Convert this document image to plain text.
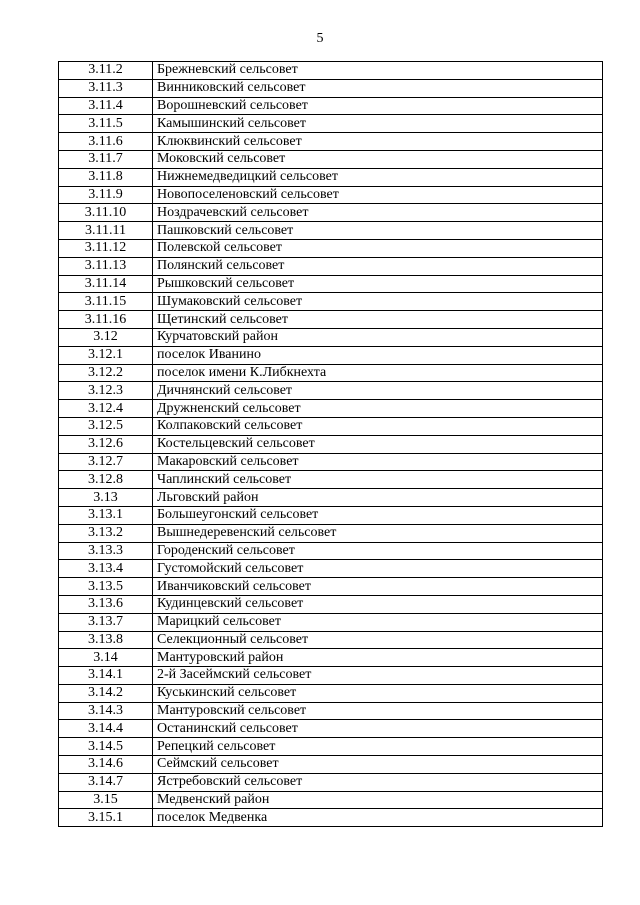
5
3.11.2	Брежневский сельсовет
3.11.3	Винниковский сельсовет
3.11.4	Ворошневский сельсовет
3.11.5	Камышинский сельсовет
3.11.6	Клюквинский сельсовет
3.11.7	Моковский сельсовет
3.11.8	Нижнемедведицкий сельсовет
3.11.9	Новопоселеновский сельсовет
3.11.10	Ноздрачевский сельсовет
3.11.11	Пашковский сельсовет
3.11.12	Полевской сельсовет
3.11.13	Полянский сельсовет
3.11.14	Рышковский сельсовет
3.11.15	Шумаковский сельсовет
3.11.16	Щетинский сельсовет
3.12	Курчатовский район
3.12.1	поселок Иванино
3.12.2	поселок имени К.Либкнехта
3.12.3	Дичнянский сельсовет
3.12.4	Дружненский сельсовет
3.12.5	Колпаковский сельсовет
3.12.6	Костельцевский сельсовет
3.12.7	Макаровский сельсовет
3.12.8	Чаплинский сельсовет
3.13	Льговский район
3.13.1	Большеугонский сельсовет
3.13.2	Вышнедеревенский сельсовет
3.13.3	Городенский сельсовет
3.13.4	Густомойский сельсовет
3.13.5	Иванчиковский сельсовет
3.13.6	Кудинцевский сельсовет
3.13.7	Марицкий сельсовет
3.13.8	Селекционный сельсовет
3.14	Мантуровский район
3.14.1	2-й Засеймский сельсовет
3.14.2	Куськинский сельсовет
3.14.3	Мантуровский сельсовет
3.14.4	Останинский сельсовет
3.14.5	Репецкий сельсовет
3.14.6	Сеймский сельсовет
3.14.7	Ястребовский сельсовет
3.15	Медвенский район
3.15.1	поселок Медвенка
